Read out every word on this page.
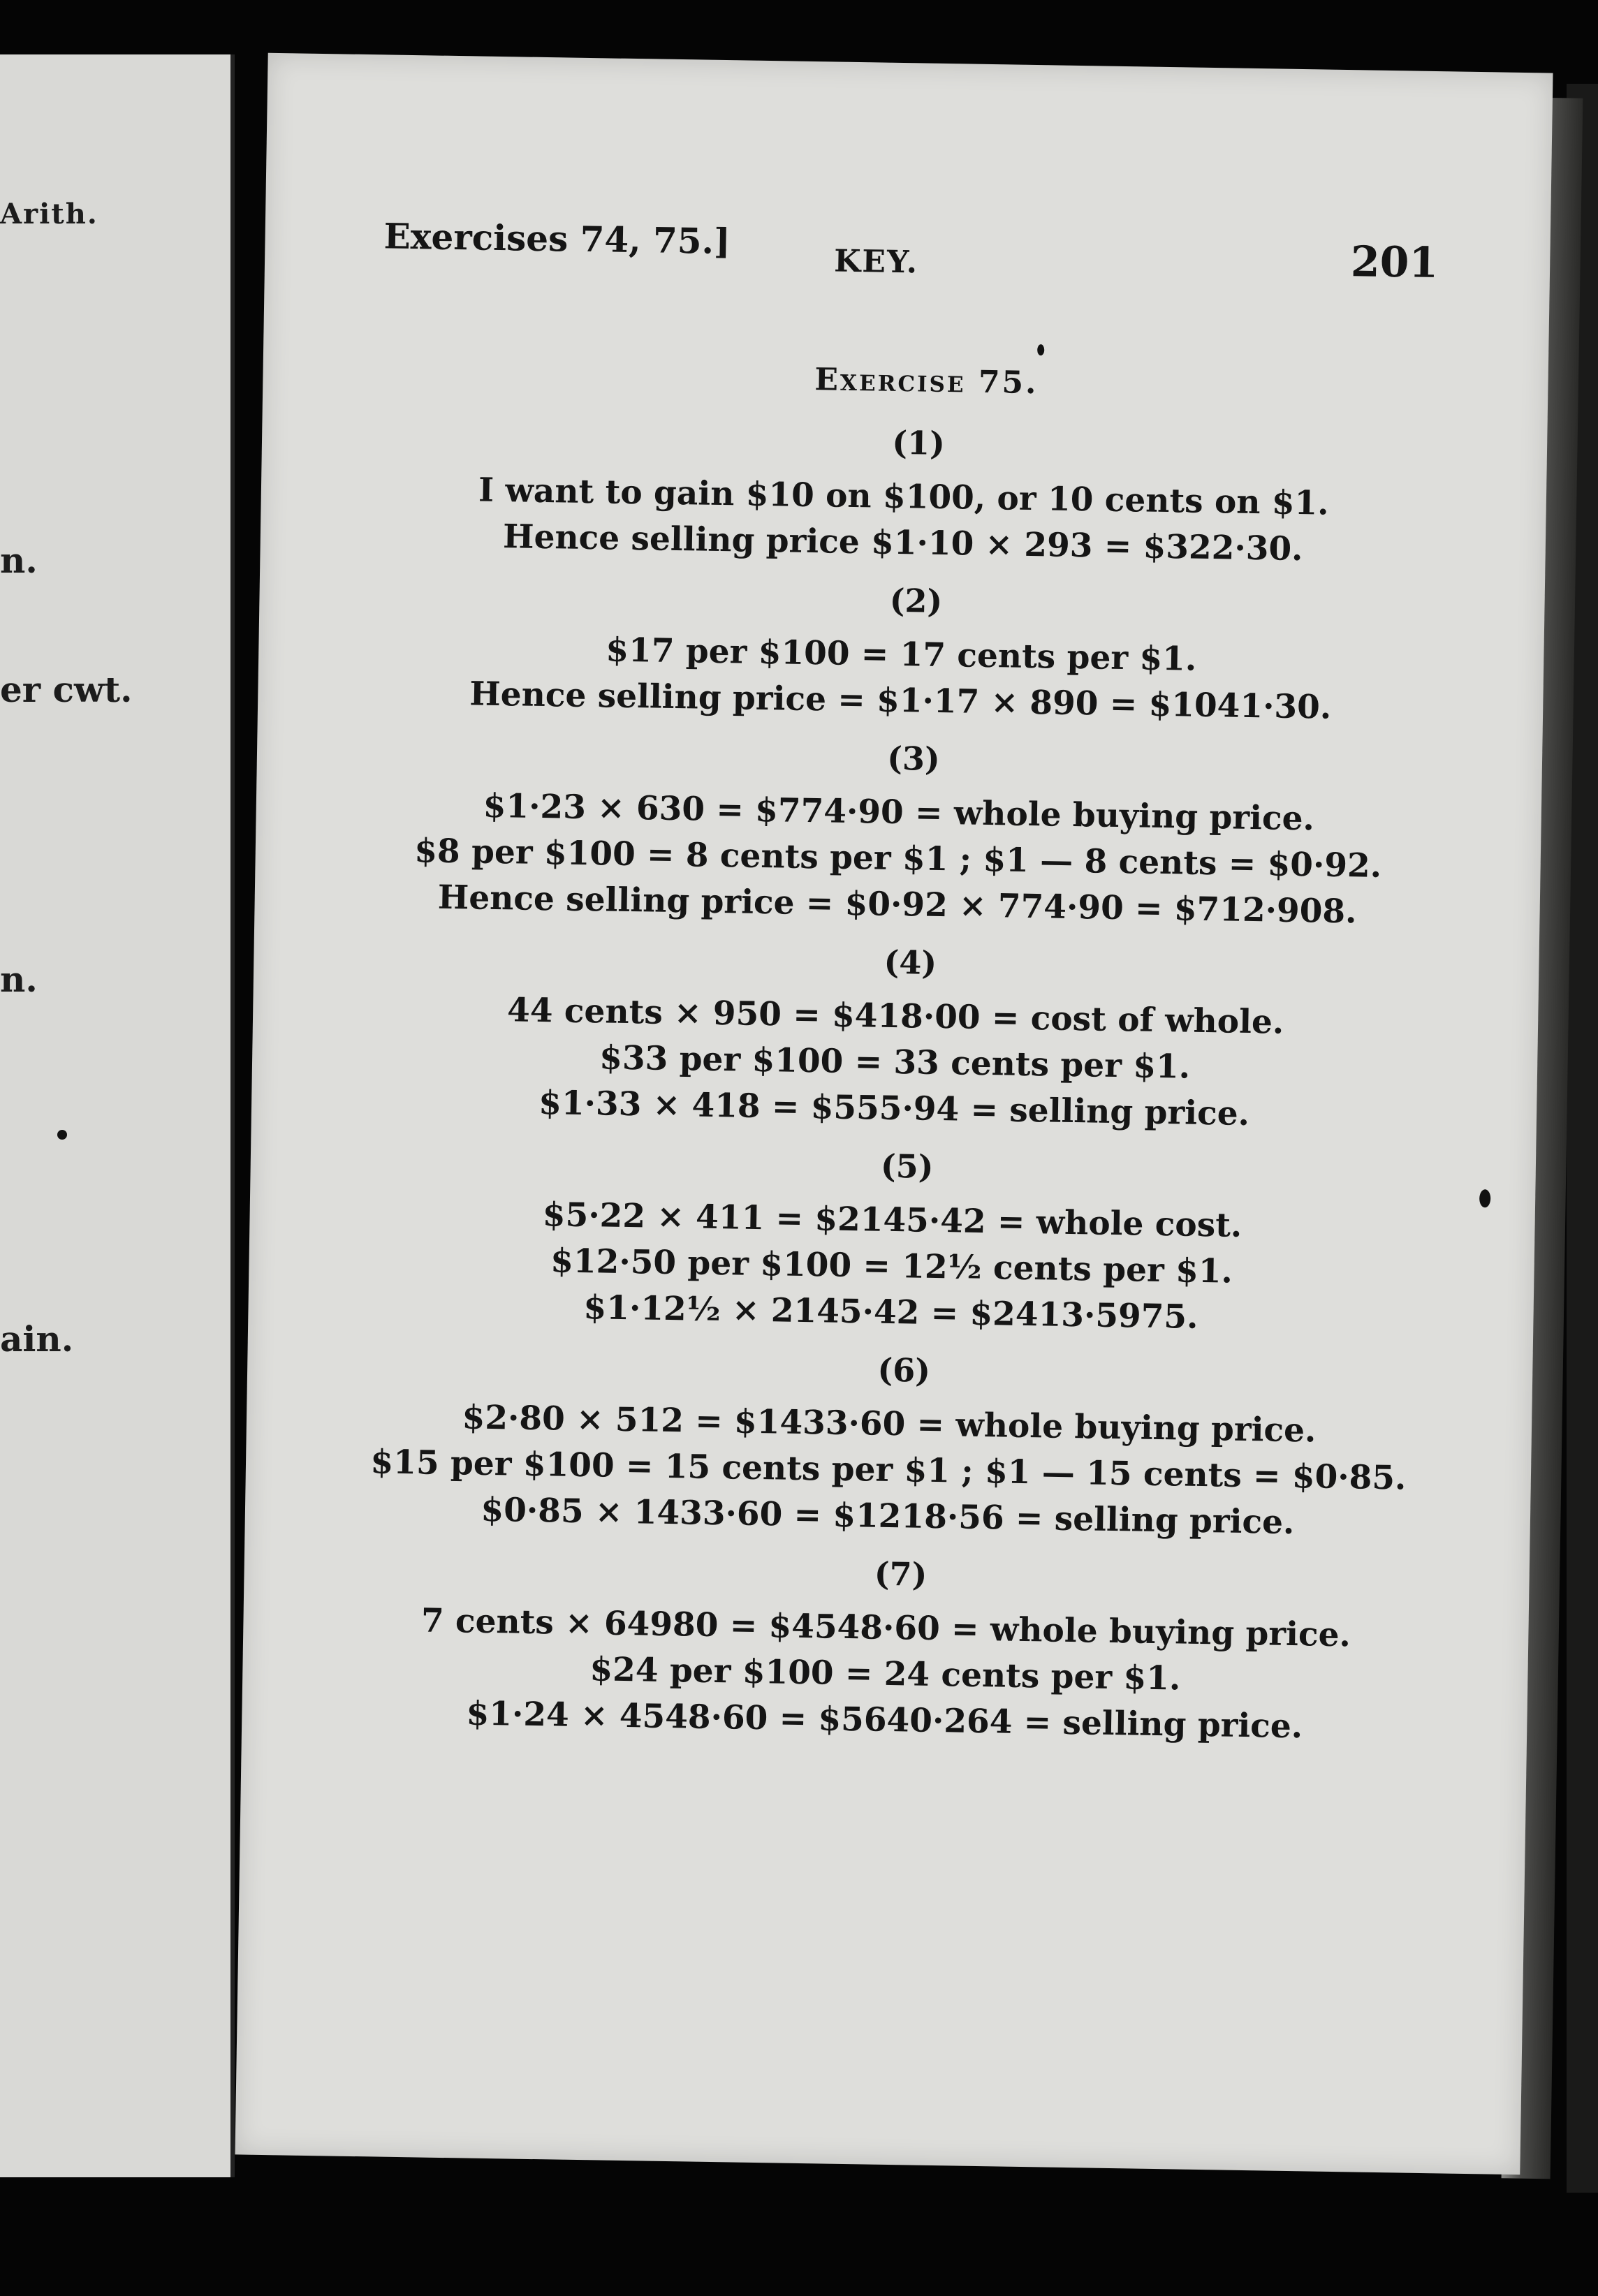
Arith.
n.
er cwt.
n.
ain.
Exercises 74, 75.]	KEY.	201
Exercise 75.
(1)

I want to gain $10 on $100, or 10 cents on $1.

Hence selling price $1·10 × 293 = $322·30.

(2)

$17 per $100 = 17 cents per $1.

Hence selling price = $1·17 × 890 = $1041·30.

(3)

$1·23 × 630 = $774·90 = whole buying price.

$8 per $100 = 8 cents per $1 ; $1 — 8 cents = $0·92.

Hence selling price = $0·92 × 774·90 = $712·908.

(4)

44 cents × 950 = $418·00 = cost of whole.

$33 per $100 = 33 cents per $1.

$1·33 × 418 = $555·94 = selling price.

(5)

$5·22 × 411 = $2145·42 = whole cost.

$12·50 per $100 = 12½ cents per $1.

$1·12½ × 2145·42 = $2413·5975.

(6)

$2·80 × 512 = $1433·60 = whole buying price.

$15 per $100 = 15 cents per $1 ; $1 — 15 cents = $0·85.

$0·85 × 1433·60 = $1218·56 = selling price.

(7)

7 cents × 64980 = $4548·60 = whole buying price.

$24 per $100 = 24 cents per $1.

$1·24 × 4548·60 = $5640·264 = selling price.
